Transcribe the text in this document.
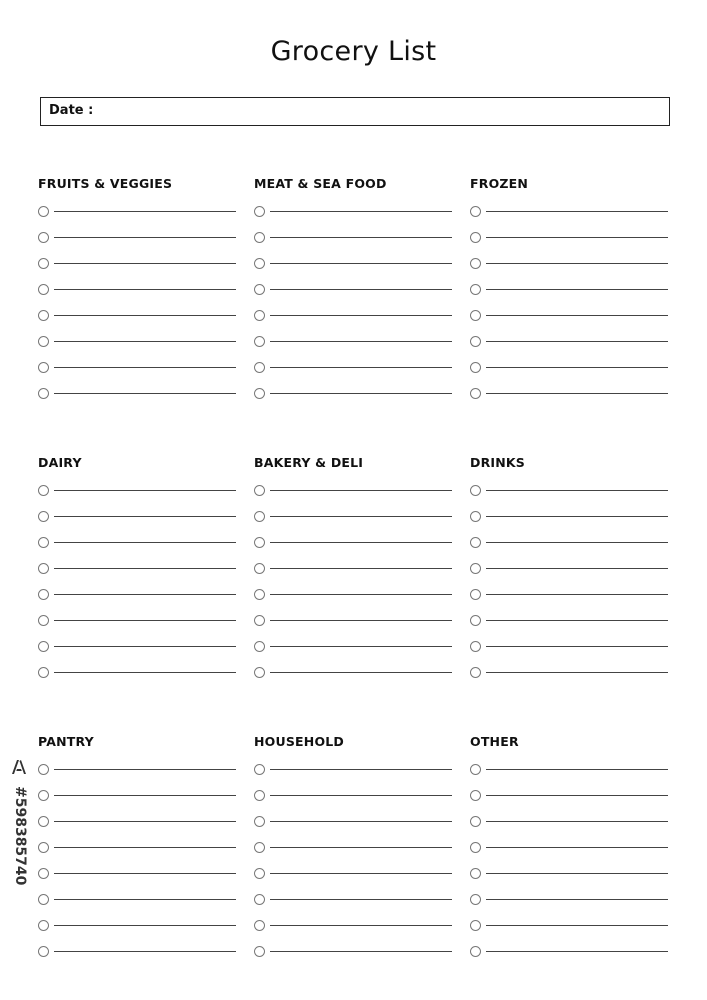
Grocery List
Date :
FRUITS & VEGGIES	MEAT & SEA FOOD	FROZEN
DAIRY	BAKERY & DELI	DRINKS
PANTRY	HOUSEHOLD	OTHER
#598385740
